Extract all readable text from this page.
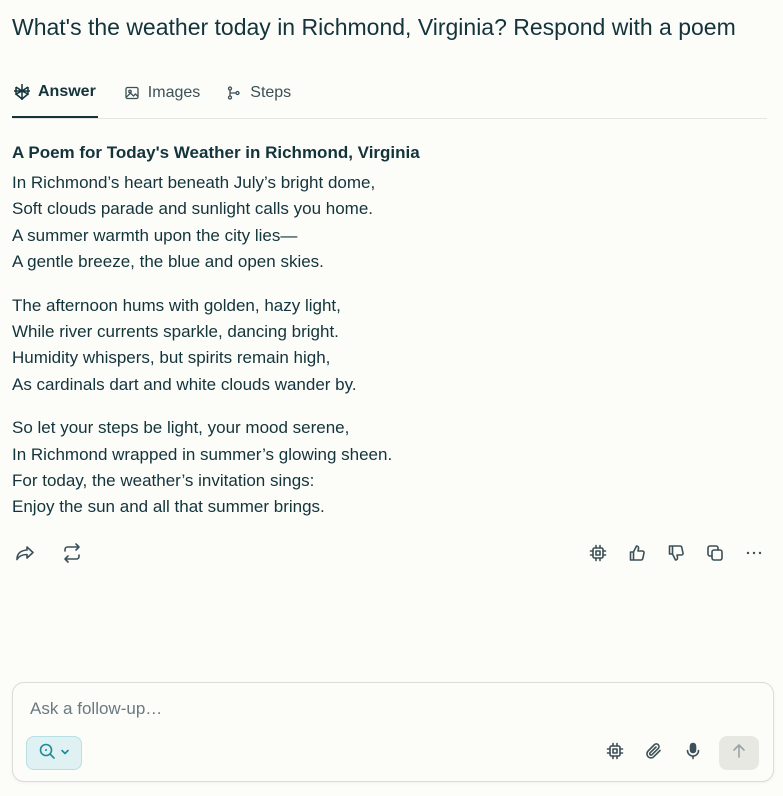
What's the weather today in Richmond, Virginia? Respond with a poem
Answer	Images	Steps
A Poem for Today's Weather in Richmond, Virginia
In Richmond’s heart beneath July’s bright dome,
Soft clouds parade and sunlight calls you home.
A summer warmth upon the city lies—
A gentle breeze, the blue and open skies.
The afternoon hums with golden, hazy light,
While river currents sparkle, dancing bright.
Humidity whispers, but spirits remain high,
As cardinals dart and white clouds wander by.
So let your steps be light, your mood serene,
In Richmond wrapped in summer’s glowing sheen.
For today, the weather’s invitation sings:
Enjoy the sun and all that summer brings.
Ask a follow-up…
